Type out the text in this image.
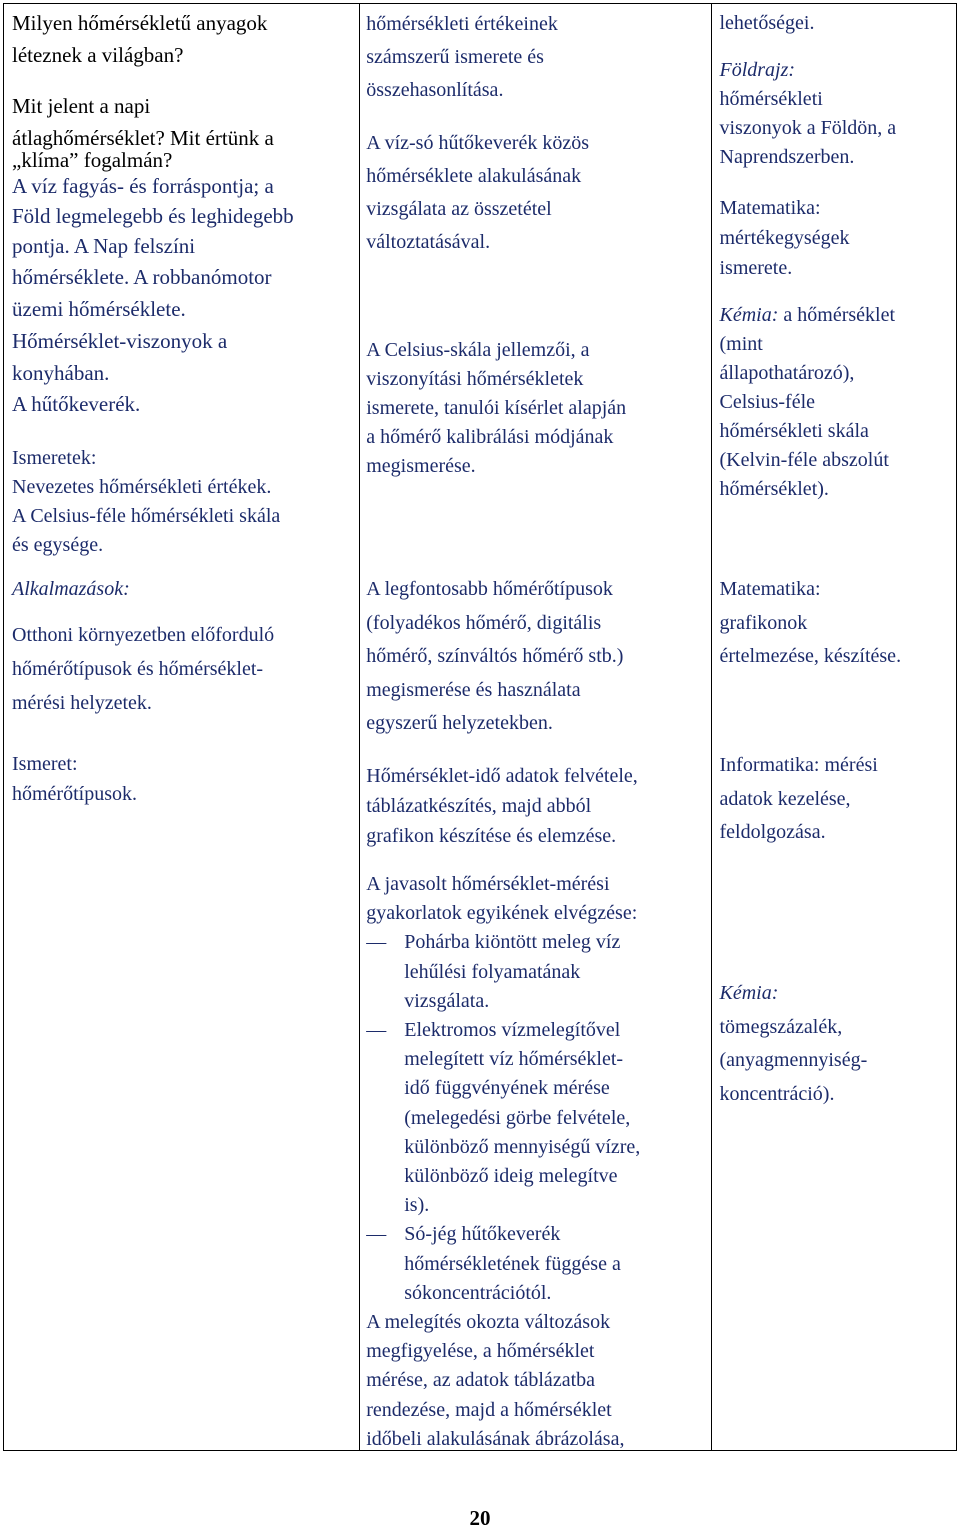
Milyen hőmérsékletű anyagok
léteznek a világban?
Mit jelent a napi
átlaghőmérséklet? Mit értünk a
„klíma” fogalmán?
A víz fagyás- és forráspontja; a
Föld legmelegebb és leghidegebb
pontja. A Nap felszíni
hőmérséklete. A robbanómotor
üzemi hőmérséklete.
Hőmérséklet-viszonyok a
konyhában.
A hűtőkeverék.
Ismeretek:
Nevezetes hőmérsékleti értékek.
A Celsius-féle hőmérsékleti skála
és egysége.
Alkalmazások:
Otthoni környezetben előforduló
hőmérőtípusok és hőmérséklet-
mérési helyzetek.
Ismeret:
hőmérőtípusok.
hőmérsékleti értékeinek
számszerű ismerete és
összehasonlítása.
A víz-só hűtőkeverék közös
hőmérséklete alakulásának
vizsgálata az összetétel
változtatásával.
A Celsius-skála jellemzői, a
viszonyítási hőmérsékletek
ismerete, tanulói kísérlet alapján
a hőmérő kalibrálási módjának
megismerése.
A legfontosabb hőmérőtípusok
(folyadékos hőmérő, digitális
hőmérő, színváltós hőmérő stb.)
megismerése és használata
egyszerű helyzetekben.
Hőmérséklet-idő adatok felvétele,
táblázatkészítés, majd abból
grafikon készítése és elemzése.
A javasolt hőmérséklet-mérési
gyakorlatok egyikének elvégzése:
— Pohárba kiöntött meleg víz
lehűlési folyamatának
vizsgálata.
— Elektromos vízmelegítővel
melegített víz hőmérséklet-
idő függvényének mérése
(melegedési görbe felvétele,
különböző mennyiségű vízre,
különböző ideig melegítve
is).
— Só-jég hűtőkeverék
hőmérsékletének függése a
sókoncentrációtól.
A melegítés okozta változások
megfigyelése, a hőmérséklet
mérése, az adatok táblázatba
rendezése, majd a hőmérséklet
időbeli alakulásának ábrázolása,
lehetőségei.
Földrajz:
hőmérsékleti
viszonyok a Földön, a
Naprendszerben.
Matematika:
mértékegységek
ismerete.
Kémia: a hőmérséklet
(mint
állapothatározó),
Celsius-féle
hőmérsékleti skála
(Kelvin-féle abszolút
hőmérséklet).
Matematika:
grafikonok
értelmezése, készítése.
Informatika: mérési
adatok kezelése,
feldolgozása.
Kémia:
tömegszázalék,
(anyagmennyiség-
koncentráció).
20
